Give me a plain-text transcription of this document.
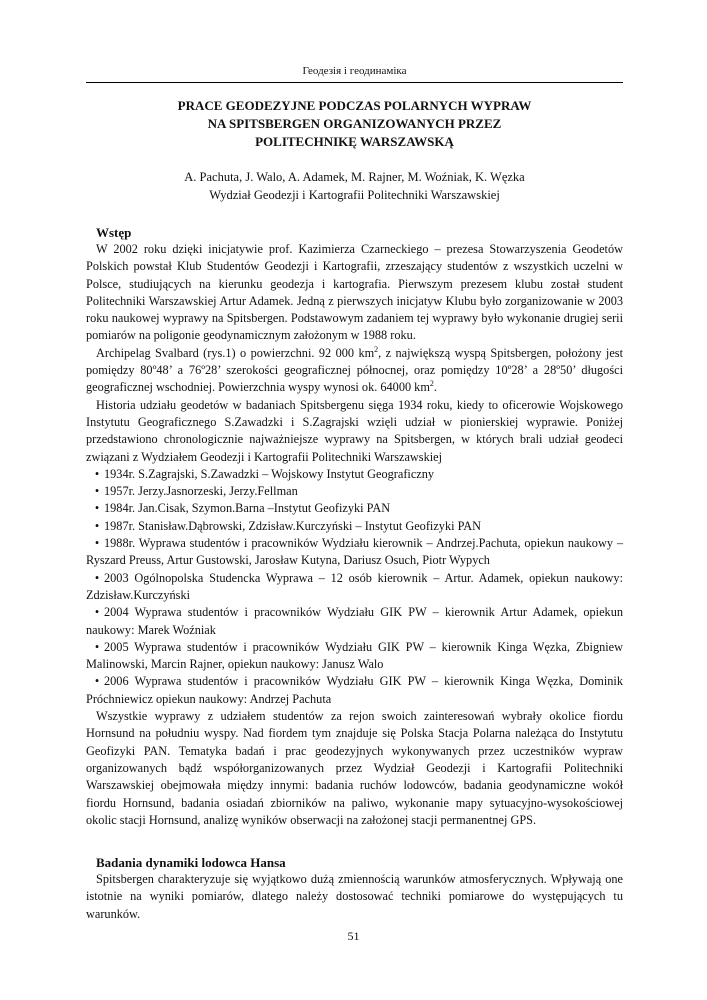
Геодезія і геодинаміка
PRACE GEODEZYJNE PODCZAS POLARNYCH WYPRAW
NA SPITSBERGEN ORGANIZOWANYCH PRZEZ
POLITECHNIKĘ WARSZAWSKĄ
A. Pachuta, J. Walo, A. Adamek, M. Rajner, M. Woźniak, K. Węzka
Wydział Geodezji i Kartografii Politechniki Warszawskiej
Wstęp

W 2002 roku dzięki inicjatywie prof. Kazimierza Czarneckiego – prezesa Stowarzyszenia Geodetów Polskich powstał Klub Studentów Geodezji i Kartografii, zrzeszający studentów z wszystkich uczelni w Polsce, studiujących na kierunku geodezja i kartografia. Pierwszym prezesem klubu został student Politechniki Warszawskiej Artur Adamek. Jedną z pierwszych inicjatyw Klubu było zorganizowanie w 2003 roku naukowej wyprawy na Spitsbergen. Podstawowym zadaniem tej wyprawy było wykonanie drugiej serii pomiarów na poligonie geodynamicznym założonym w 1988 roku.

Archipelag Svalbard (rys.1) o powierzchni. 92 000 $km^2$, z największą wyspą Spitsbergen, położony jest pomiędzy 80º48’ a 76º28’ szerokości geograficznej północnej, oraz pomiędzy 10º28’ a 28º50’ długości geograficznej wschodniej. Powierzchnia wyspy wynosi ok. 64000 $km^2$.

Historia udziału geodetów w badaniach Spitsbergenu sięga 1934 roku, kiedy to oficerowie Wojskowego Instytutu Geograficznego S.Zawadzki i S.Zagrajski wzięli udział w pionierskiej wyprawie. Poniżej przedstawiono chronologicznie najważniejsze wyprawy na Spitsbergen, w których brali udział geodeci związani z Wydziałem Geodezji i Kartografii Politechniki Warszawskiej

• 1934r. S.Zagrajski, S.Zawadzki – Wojskowy Instytut Geograficzny
• 1957r. Jerzy.Jasnorzeski, Jerzy.Fellman
• 1984r. Jan.Cisak, Szymon.Barna –Instytut Geofizyki PAN
• 1987r. Stanisław.Dąbrowski, Zdzisław.Kurczyński – Instytut Geofizyki PAN
• 1988r. Wyprawa studentów i pracowników Wydziału kierownik – Andrzej.Pachuta, opiekun naukowy – Ryszard Preuss, Artur Gustowski, Jarosław Kutyna, Dariusz Osuch, Piotr Wypych
• 2003 Ogólnopolska Studencka Wyprawa – 12 osób kierownik – Artur. Adamek, opiekun naukowy: Zdzisław.Kurczyński
• 2004 Wyprawa studentów i pracowników Wydziału GIK PW – kierownik Artur Adamek, opiekun naukowy: Marek Woźniak
• 2005 Wyprawa studentów i pracowników Wydziału GIK PW – kierownik Kinga Węzka, Zbigniew Malinowski, Marcin Rajner, opiekun naukowy: Janusz Walo
• 2006 Wyprawa studentów i pracowników Wydziału GIK PW – kierownik Kinga Węzka, Dominik Próchniewicz opiekun naukowy: Andrzej Pachuta

Wszystkie wyprawy z udziałem studentów za rejon swoich zainteresowań wybrały okolice fiordu Hornsund na południu wyspy. Nad fiordem tym znajduje się Polska Stacja Polarna należąca do Instytutu Geofizyki PAN. Tematyka badań i prac geodezyjnych wykonywanych przez uczestników wypraw organizowanych bądź współorganizowanych przez Wydział Geodezji i Kartografii Politechniki Warszawskiej obejmowała między innymi: badania ruchów lodowców, badania geodynamiczne wokół fiordu Hornsund, badania osiadań zbiorników na paliwo, wykonanie mapy sytuacyjno-wysokościowej okolic stacji Hornsund, analizę wyników obserwacji na założonej stacji permanentnej GPS.

Badania dynamiki lodowca Hansa

Spitsbergen charakteryzuje się wyjątkowo dużą zmiennością warunków atmosferycznych. Wpływają one istotnie na wyniki pomiarów, dlatego należy dostosować techniki pomiarowe do występujących tu warunków.

51
